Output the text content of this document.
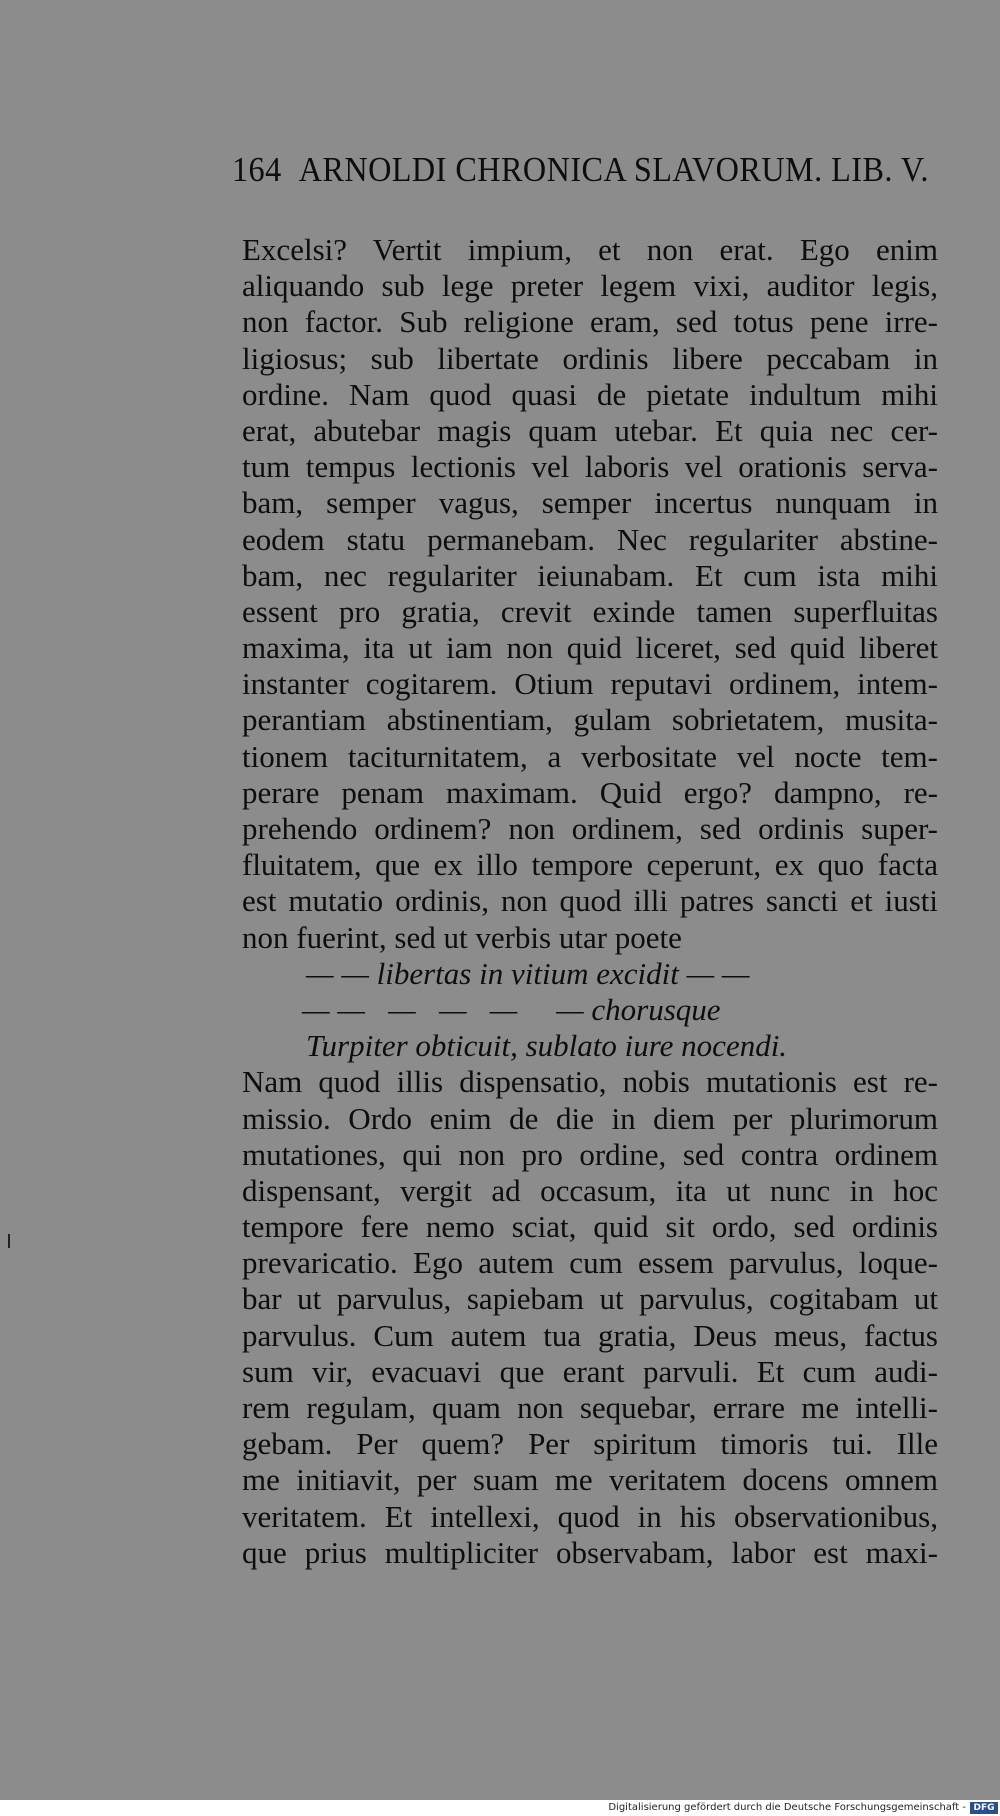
164 ARNOLDI CHRONICA SLAVORUM. LIB. V.
Excelsi? Vertit impium, et non erat. Ego enim
aliquando sub lege preter legem vixi, auditor legis,
non factor. Sub religione eram, sed totus pene irre-
ligiosus; sub libertate ordinis libere peccabam in
ordine. Nam quod quasi de pietate indultum mihi
erat, abutebar magis quam utebar. Et quia nec cer-
tum tempus lectionis vel laboris vel orationis serva-
bam, semper vagus, semper incertus nunquam in
eodem statu permanebam. Nec regulariter abstine-
bam, nec regulariter ieiunabam. Et cum ista mihi
essent pro gratia, crevit exinde tamen superfluitas
maxima, ita ut iam non quid liceret, sed quid liberet
instanter cogitarem. Otium reputavi ordinem, intem-
perantiam abstinentiam, gulam sobrietatem, musita-
tionem taciturnitatem, a verbositate vel nocte tem-
perare penam maximam. Quid ergo? dampno, re-
prehendo ordinem? non ordinem, sed ordinis super-
fluitatem, que ex illo tempore ceperunt, ex quo facta
est mutatio ordinis, non quod illi patres sancti et iusti
non fuerint, sed ut verbis utar poete
— — libertas in vitium excidit — —
— —   —   —   —     — chorusque
Turpiter obticuit, sublato iure nocendi.
Nam quod illis dispensatio, nobis mutationis est re-
missio. Ordo enim de die in diem per plurimorum
mutationes, qui non pro ordine, sed contra ordinem
dispensant, vergit ad occasum, ita ut nunc in hoc
tempore fere nemo sciat, quid sit ordo, sed ordinis
prevaricatio. Ego autem cum essem parvulus, loque-
bar ut parvulus, sapiebam ut parvulus, cogitabam ut
parvulus. Cum autem tua gratia, Deus meus, factus
sum vir, evacuavi que erant parvuli. Et cum audi-
rem regulam, quam non sequebar, errare me intelli-
gebam. Per quem? Per spiritum timoris tui. Ille
me initiavit, per suam me veritatem docens omnem
veritatem. Et intellexi, quod in his observationibus,
que prius multipliciter observabam, labor est maxi-
Digitalisierung gefördert durch die Deutsche Forschungsgemeinschaft - DFG
